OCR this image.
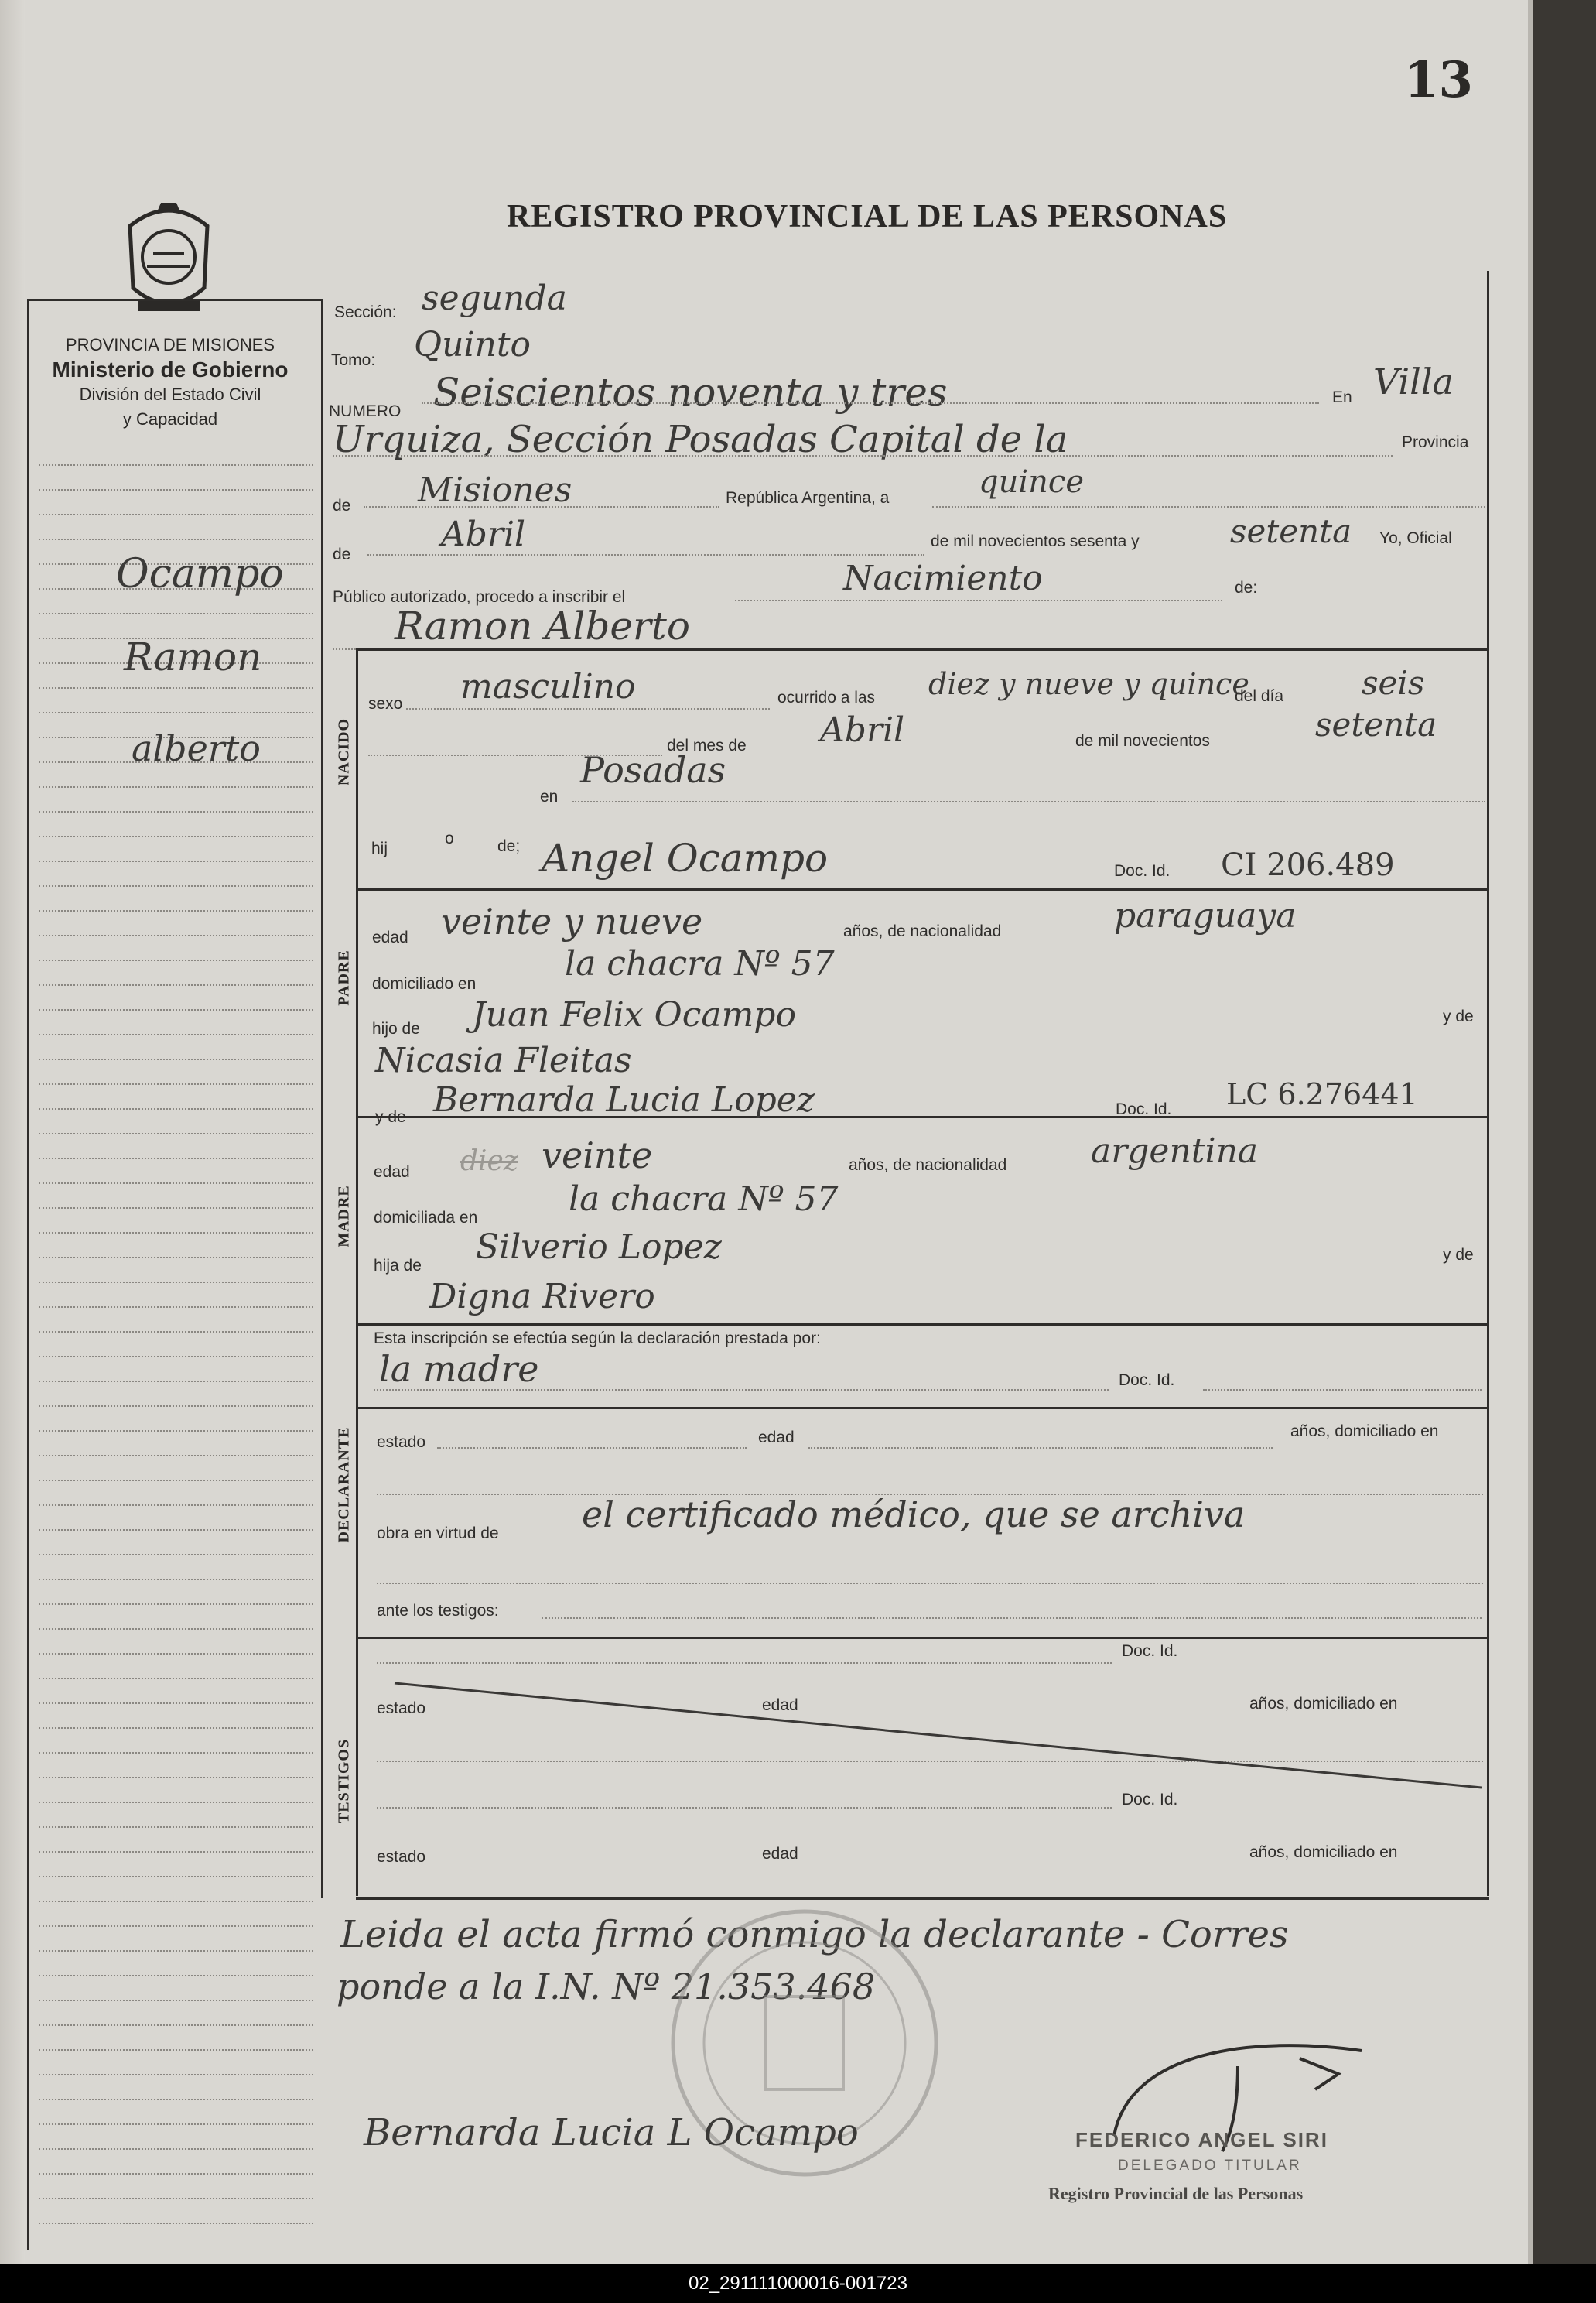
13
REGISTRO PROVINCIAL DE LAS PERSONAS
PROVINCIA DE MISIONES
Ministerio de Gobierno
División del Estado Civil
y Capacidad
Ocampo
Ramon
alberto
Sección: segunda
Tomo: Quinto
NUMERO Seiscientos noventa y tres	En Villa
Urquiza, Sección Posadas Capital de la	Provincia
de Misiones	República Argentina, a	quince
de
Abril	de mil novecientos sesenta y	setenta Yo, Oficial
Público autorizado, procedo a inscribir el	Nacimiento	de:
Ramon Alberto
NACIDO
PADRE
MADRE
DECLARANTE
TESTIGOS
sexo masculino	ocurrido a las diez y nueve y quince
del día seis
del mes de Abril	de mil novecientos	setenta
en
Posadas
hij
o	de; Angel Ocampo	Doc. Id. CI 206.489
edad veinte y nueve	años, de nacionalidad	paraguaya
domiciliado en
la chacra Nº 57
hijo de Juan Felix Ocampo	y de
Nicasia Fleitas
y de Bernarda Lucia Lopez	Doc. Id. LC 6.276441
edad diez veinte	años, de nacionalidad argentina
domiciliada en	la chacra Nº 57
hija de Silverio Lopez	y de
Digna Rivero
Esta inscripción se efectúa según la declaración prestada por:
la madre	Doc. Id.
estado	edad	años, domiciliado en
obra en virtud de el certificado médico, que se archiva
ante los testigos:
Doc. Id.
estado	edad	años, domiciliado en
Doc. Id.
estado	edad	años, domiciliado en
Leida el acta firmó conmigo la declarante - Corres
ponde a la I.N. Nº 21.353.468
Bernarda Lucia L Ocampo	FEDERICO ANGEL SIRI
DELEGADO TITULAR
Registro Provincial de las Personas
02_291111000016-001723
